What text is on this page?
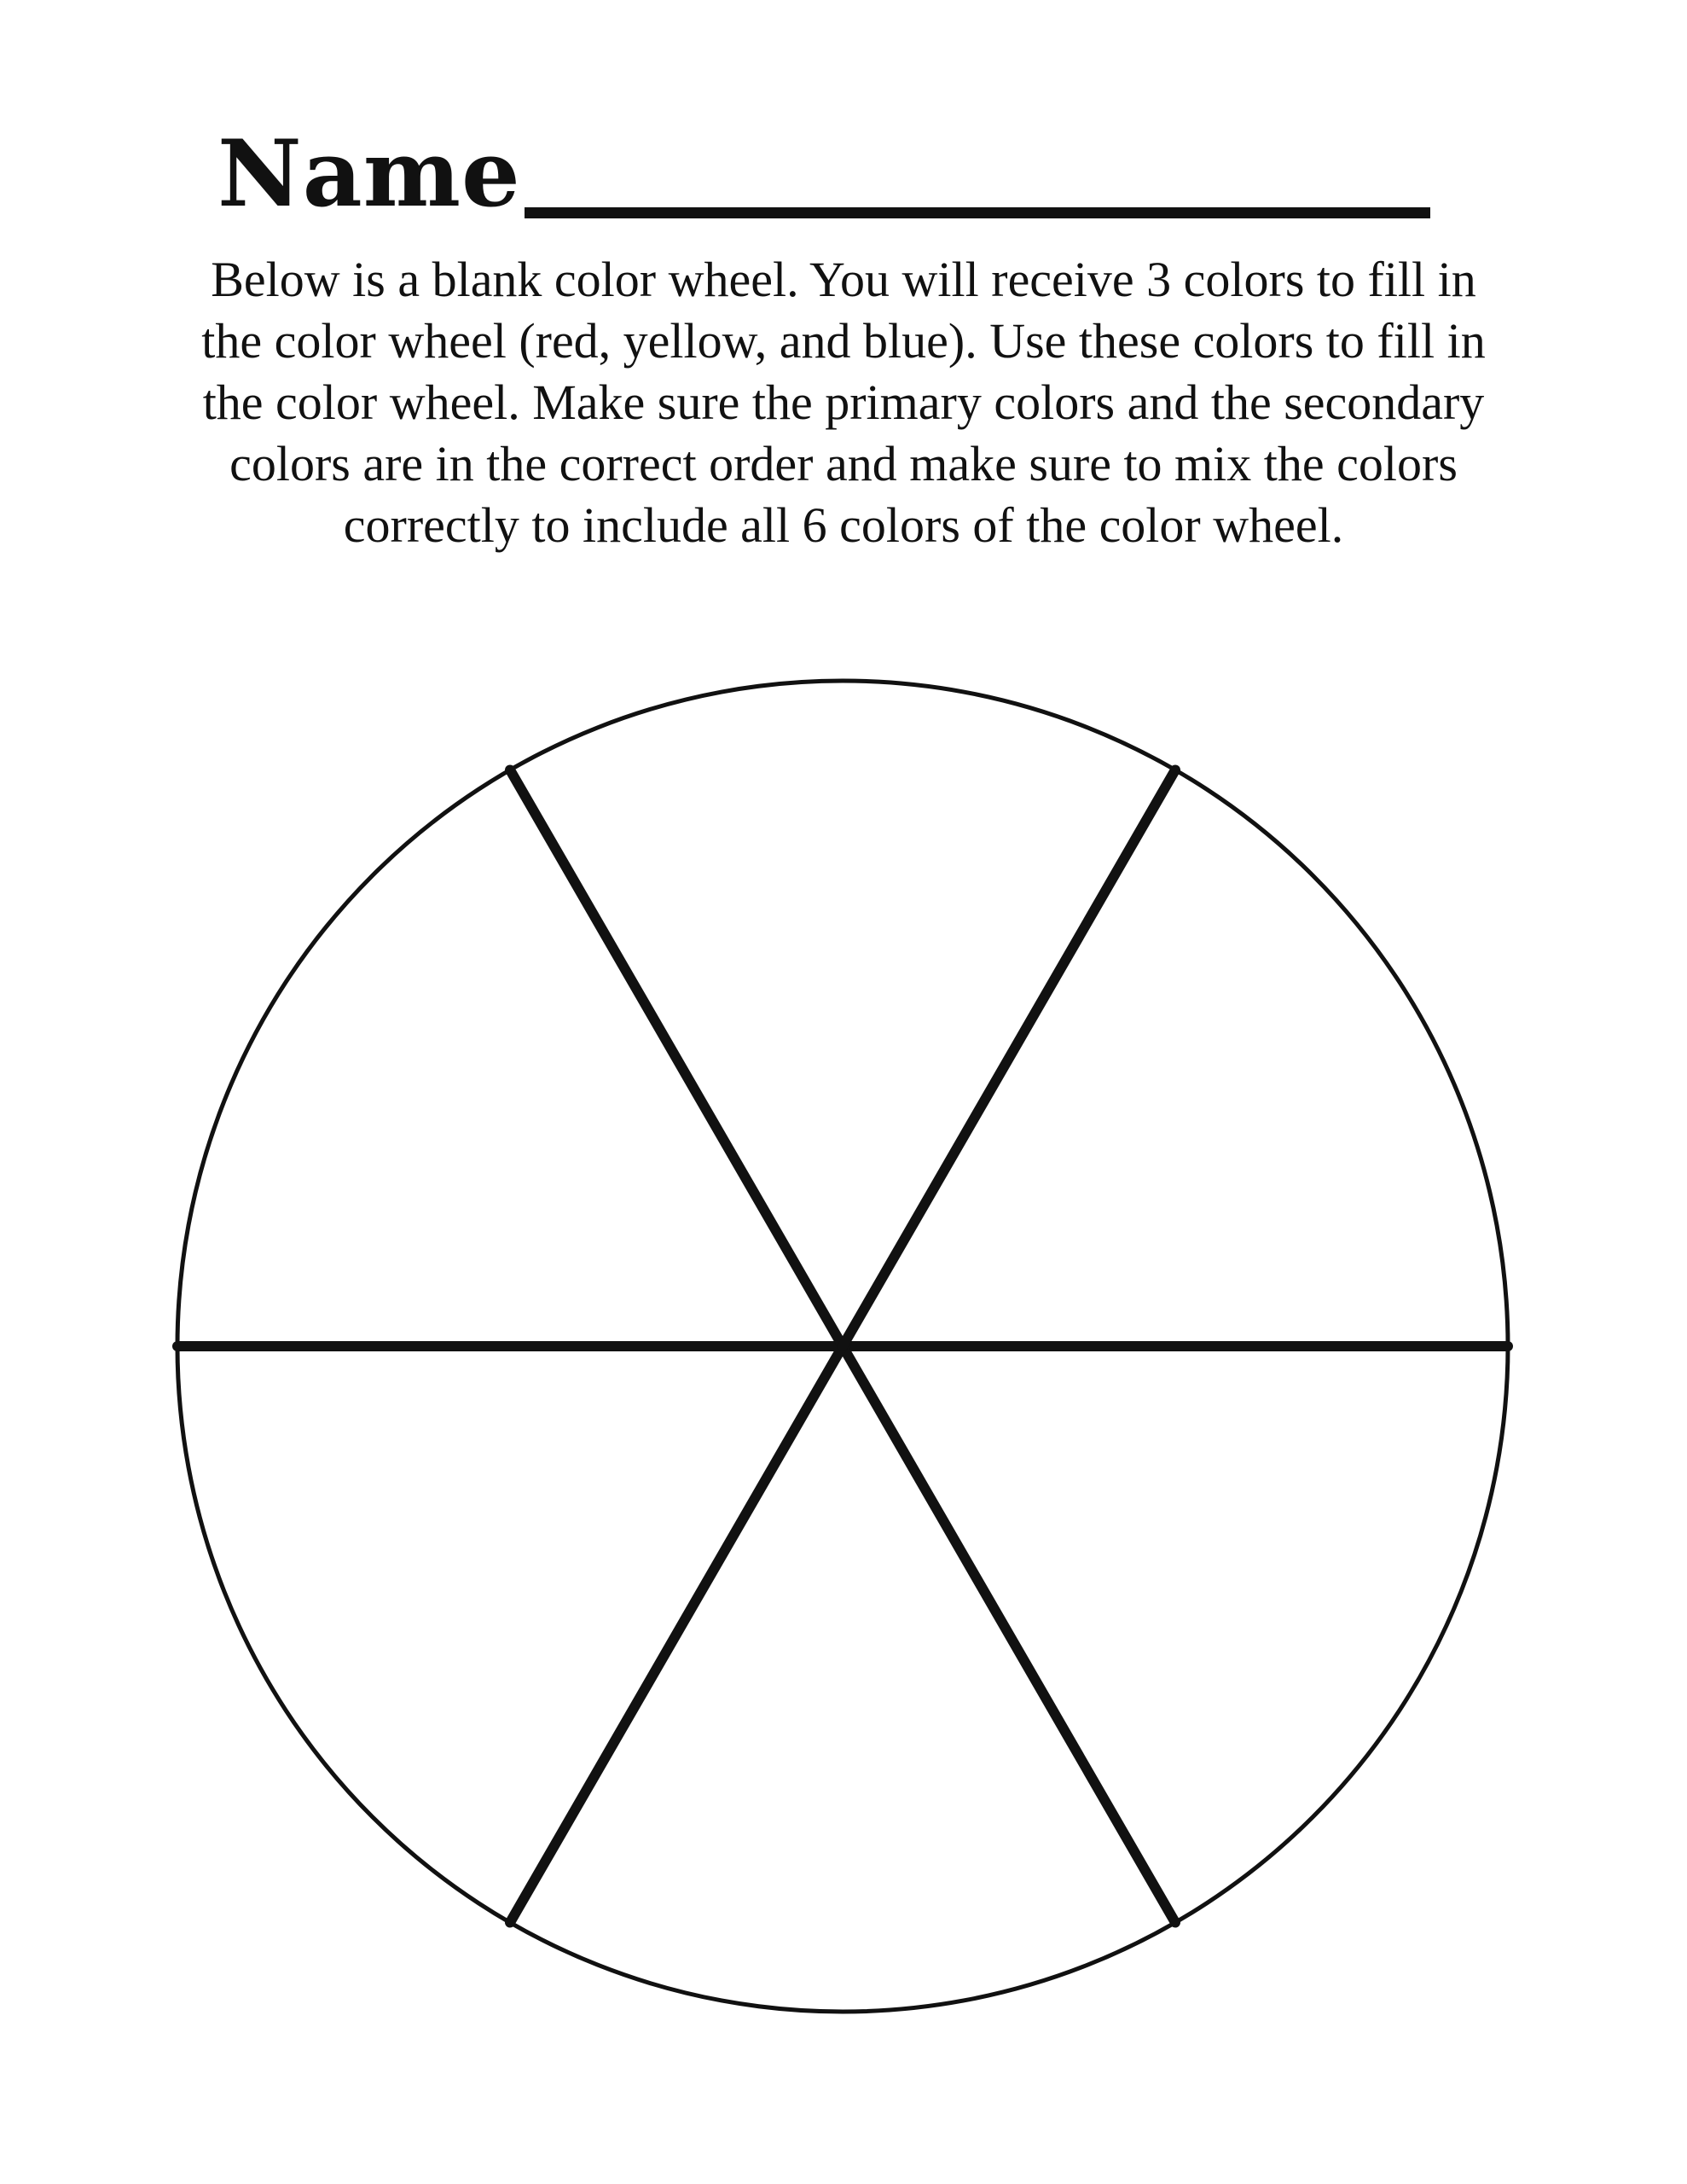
Name

Below is a blank color wheel. You will receive 3 colors to fill in
the color wheel (red, yellow, and blue). Use these colors to fill in
the color wheel. Make sure the primary colors and the secondary
colors are in the correct order and make sure to mix the colors
correctly to include all 6 colors of the color wheel.
